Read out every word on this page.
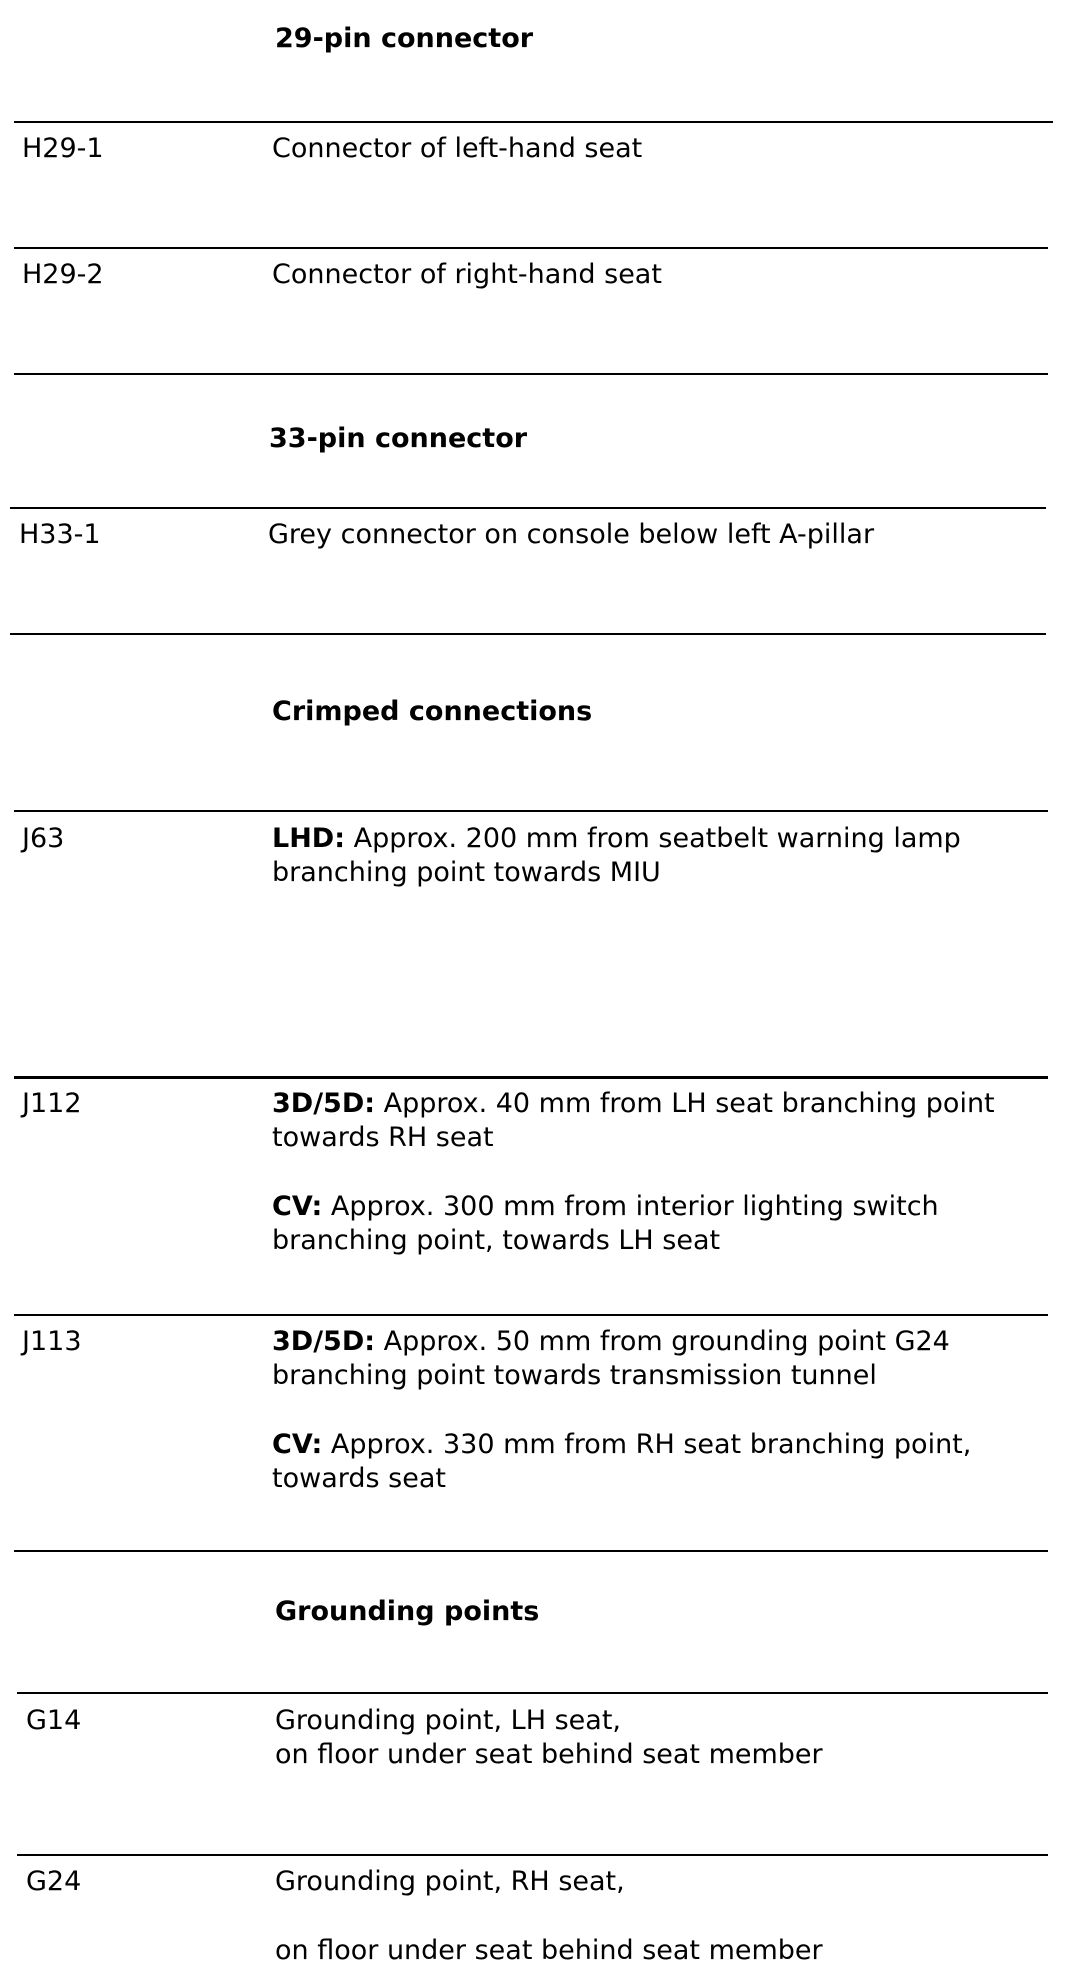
29-pin connector
H29-1	Connector of left-hand seat
H29-2	Connector of right-hand seat
33-pin connector
H33-1	Grey connector on console below left A-pillar
Crimped connections
J63	LHD: Approx. 200 mm from seatbelt warning lamp
branching point towards MIU
J112	3D/5D: Approx. 40 mm from LH seat branching point
towards RH seat
CV: Approx. 300 mm from interior lighting switch
branching point, towards LH seat
J113	3D/5D: Approx. 50 mm from grounding point G24
branching point towards transmission tunnel
CV: Approx. 330 mm from RH seat branching point,
towards seat
Grounding points
G14	Grounding point, LH seat,
on floor under seat behind seat member
G24	Grounding point, RH seat,
on floor under seat behind seat member
